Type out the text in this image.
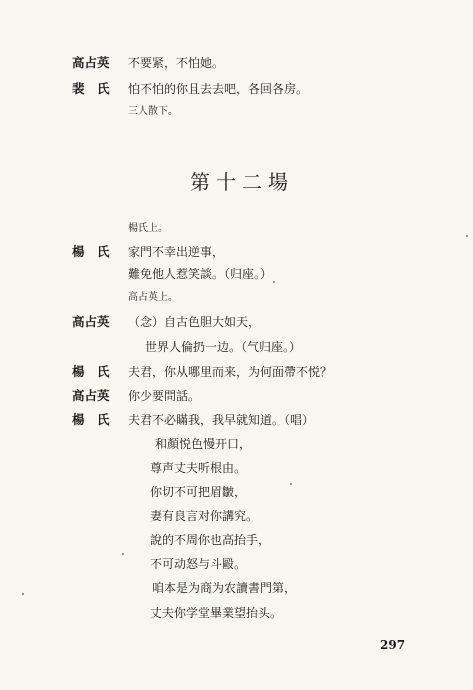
高占英 不要紧，不怕她。
裴　氏 怕不怕的你且去去吧，各回各房。
三人散下。
第十二場
楊氏上。
楊　氏 家門不幸出逆事，
難免他人惹笑談。（归座。）
高占英上。
高占英 （念）自古色胆大如天，
世界人倫扔一边。（气归座。）
楊　氏 夫君，你从哪里而来，为何面帶不悦？
高占英 你少要問話。
楊　氏 夫君不必瞞我，我早就知道。（唱）
和顏悦色慢开口，
尊声丈夫听根由。
你切不可把眉皺，
妻有良言对你講究。
說的不周你也高抬手，
不可动怒与斗毆。
咱本是为商为农讀書門第，
丈夫你学堂畢業望抬头。
297
